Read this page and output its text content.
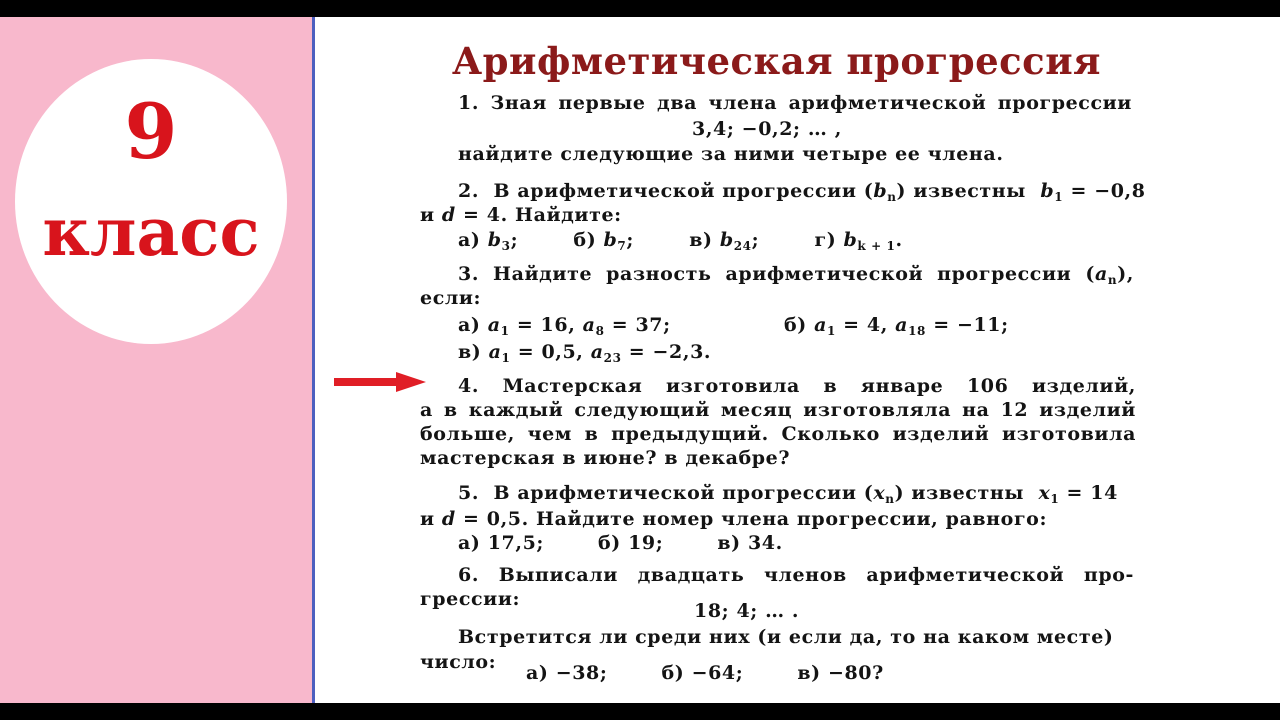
9
класс
Арифметическая прогрессия
1. Зная первые два члена арифметической прогрессии
3,4; −0,2; … ,
найдите следующие за ними четыре ее члена.
2. В арифметической прогрессии $(b_n)$ известны $b_1 = -0,8$
и d = 4. Найдите:
а) $b_3$;	б) $b_7$;	в) $b_{24}$;	г) $b_{k + 1}$.
3. Найдите разность арифметической прогрессии $(a_n)$,
если:
а) $a_1 = 16$, $a_8 = 37$;	б) $a_1 = 4$, $a_{18} = -11$;
в) $a_1 = 0,5$, $a_{23} = -2,3$.
4. Мастерская изготовила в январе 106 изделий,
а в каждый следующий месяц изготовляла на 12 изделий
больше, чем в предыдущий. Сколько изделий изготовила
мастерская в июне? в декабре?
5. В арифметической прогрессии $(x_n)$ известны $x_1 = 14$
и d = 0,5. Найдите номер члена прогрессии, равного:
а) 17,5;	б) 19;	в) 34.
6. Выписали двадцать членов арифметической про-
грессии:
18; 4; … .
Встретится ли среди них (и если да, то на каком месте)
число: а) −38;	б) −64;	в) −80?
